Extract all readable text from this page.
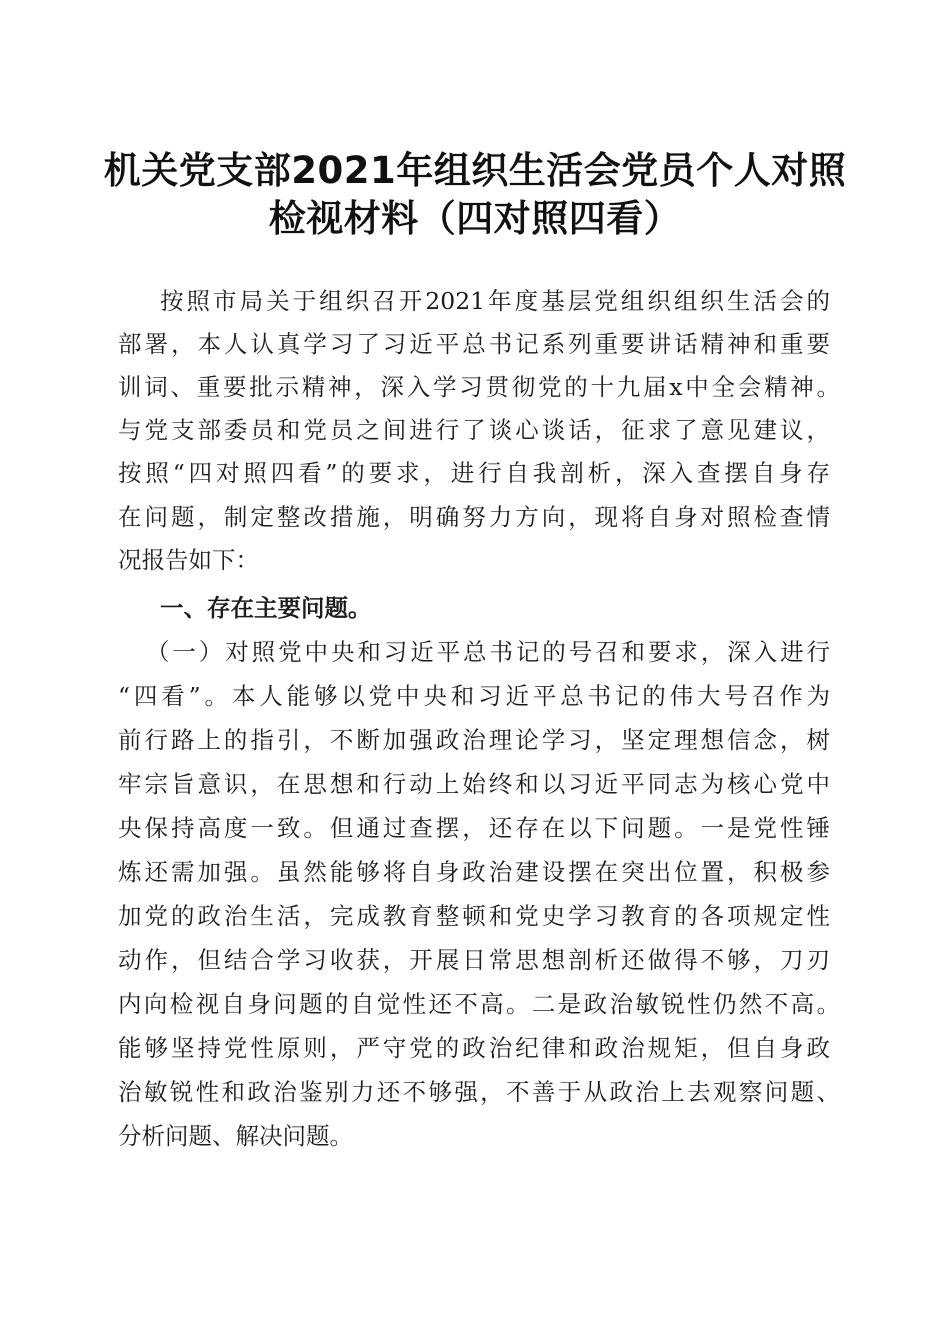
机关党支部2021年组织生活会党员个人对照
检视材料（四对照四看）
按照市局关于组织召开2021年度基层党组织组织生活会的
部署，本人认真学习了习近平总书记系列重要讲话精神和重要
训词、重要批示精神，深入学习贯彻党的十九届x中全会精神。
与党支部委员和党员之间进行了谈心谈话，征求了意见建议，
按照“四对照四看”的要求，进行自我剖析，深入查摆自身存
在问题，制定整改措施，明确努力方向，现将自身对照检查情
况报告如下：
一、存在主要问题。
（一）对照党中央和习近平总书记的号召和要求，深入进行
“四看”。本人能够以党中央和习近平总书记的伟大号召作为
前行路上的指引，不断加强政治理论学习，坚定理想信念，树
牢宗旨意识，在思想和行动上始终和以习近平同志为核心党中
央保持高度一致。但通过查摆，还存在以下问题。一是党性锤
炼还需加强。虽然能够将自身政治建设摆在突出位置，积极参
加党的政治生活，完成教育整顿和党史学习教育的各项规定性
动作，但结合学习收获，开展日常思想剖析还做得不够，刀刃
内向检视自身问题的自觉性还不高。二是政治敏锐性仍然不高。
能够坚持党性原则，严守党的政治纪律和政治规矩，但自身政
治敏锐性和政治鉴别力还不够强，不善于从政治上去观察问题、
分析问题、解决问题。
